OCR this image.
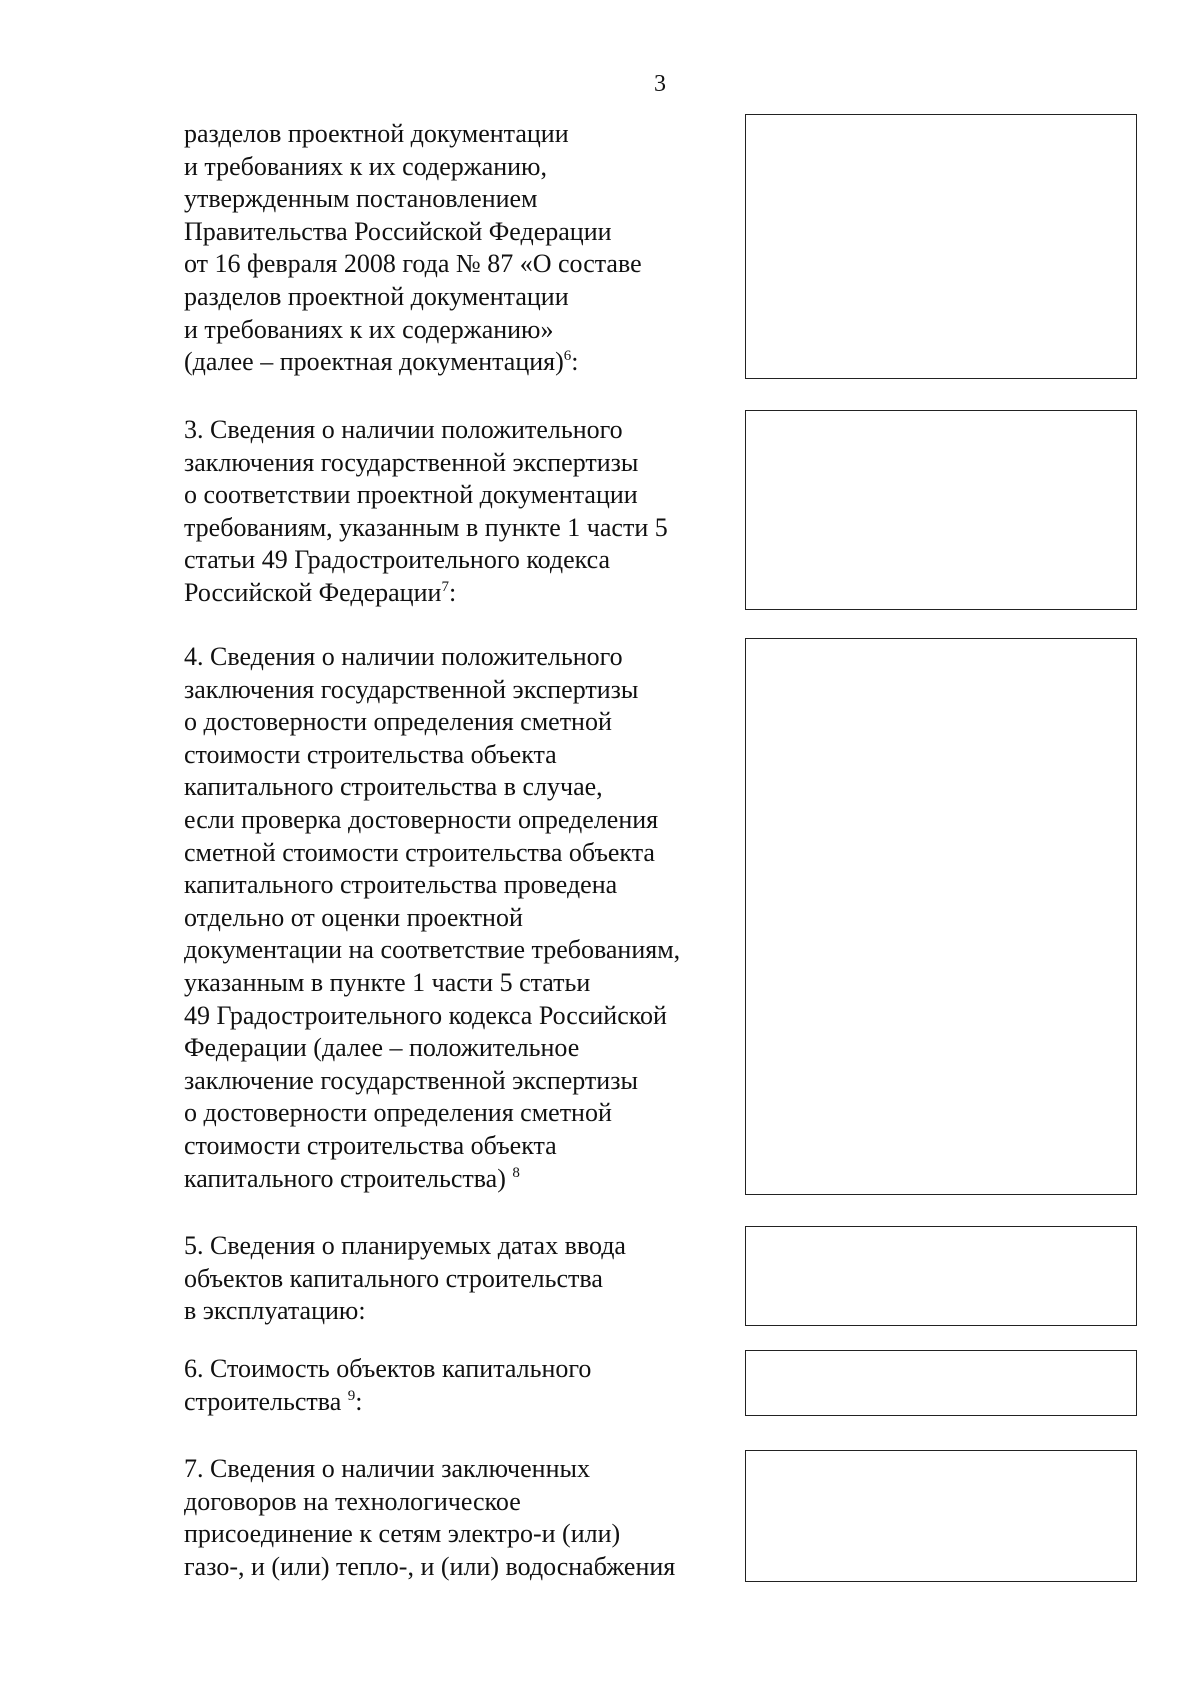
3
разделов проектной документации
и требованиях к их содержанию,
утвержденным постановлением
Правительства Российской Федерации
от 16 февраля 2008 года № 87 «О составе
разделов проектной документации
и требованиях к их содержанию»
(далее – проектная документация)$^6$:
3. Сведения о наличии положительного
заключения государственной экспертизы
о соответствии проектной документации
требованиям, указанным в пункте 1 части 5
статьи 49 Градостроительного кодекса
Российской Федерации$^7$:
4. Сведения о наличии положительного
заключения государственной экспертизы
о достоверности определения сметной
стоимости строительства объекта
капитального строительства в случае,
если проверка достоверности определения
сметной стоимости строительства объекта
капитального строительства проведена
отдельно от оценки проектной
документации на соответствие требованиям,
указанным в пункте 1 части 5 статьи
49 Градостроительного кодекса Российской
Федерации (далее – положительное
заключение государственной экспертизы
о достоверности определения сметной
стоимости строительства объекта
капитального строительства) $^8$
5. Сведения о планируемых датах ввода
объектов капитального строительства
в эксплуатацию:
6. Стоимость объектов капитального
строительства $^9$:
7. Сведения о наличии заключенных
договоров на технологическое
присоединение к сетям электро-и (или)
газо-, и (или) тепло-, и (или) водоснабжения
